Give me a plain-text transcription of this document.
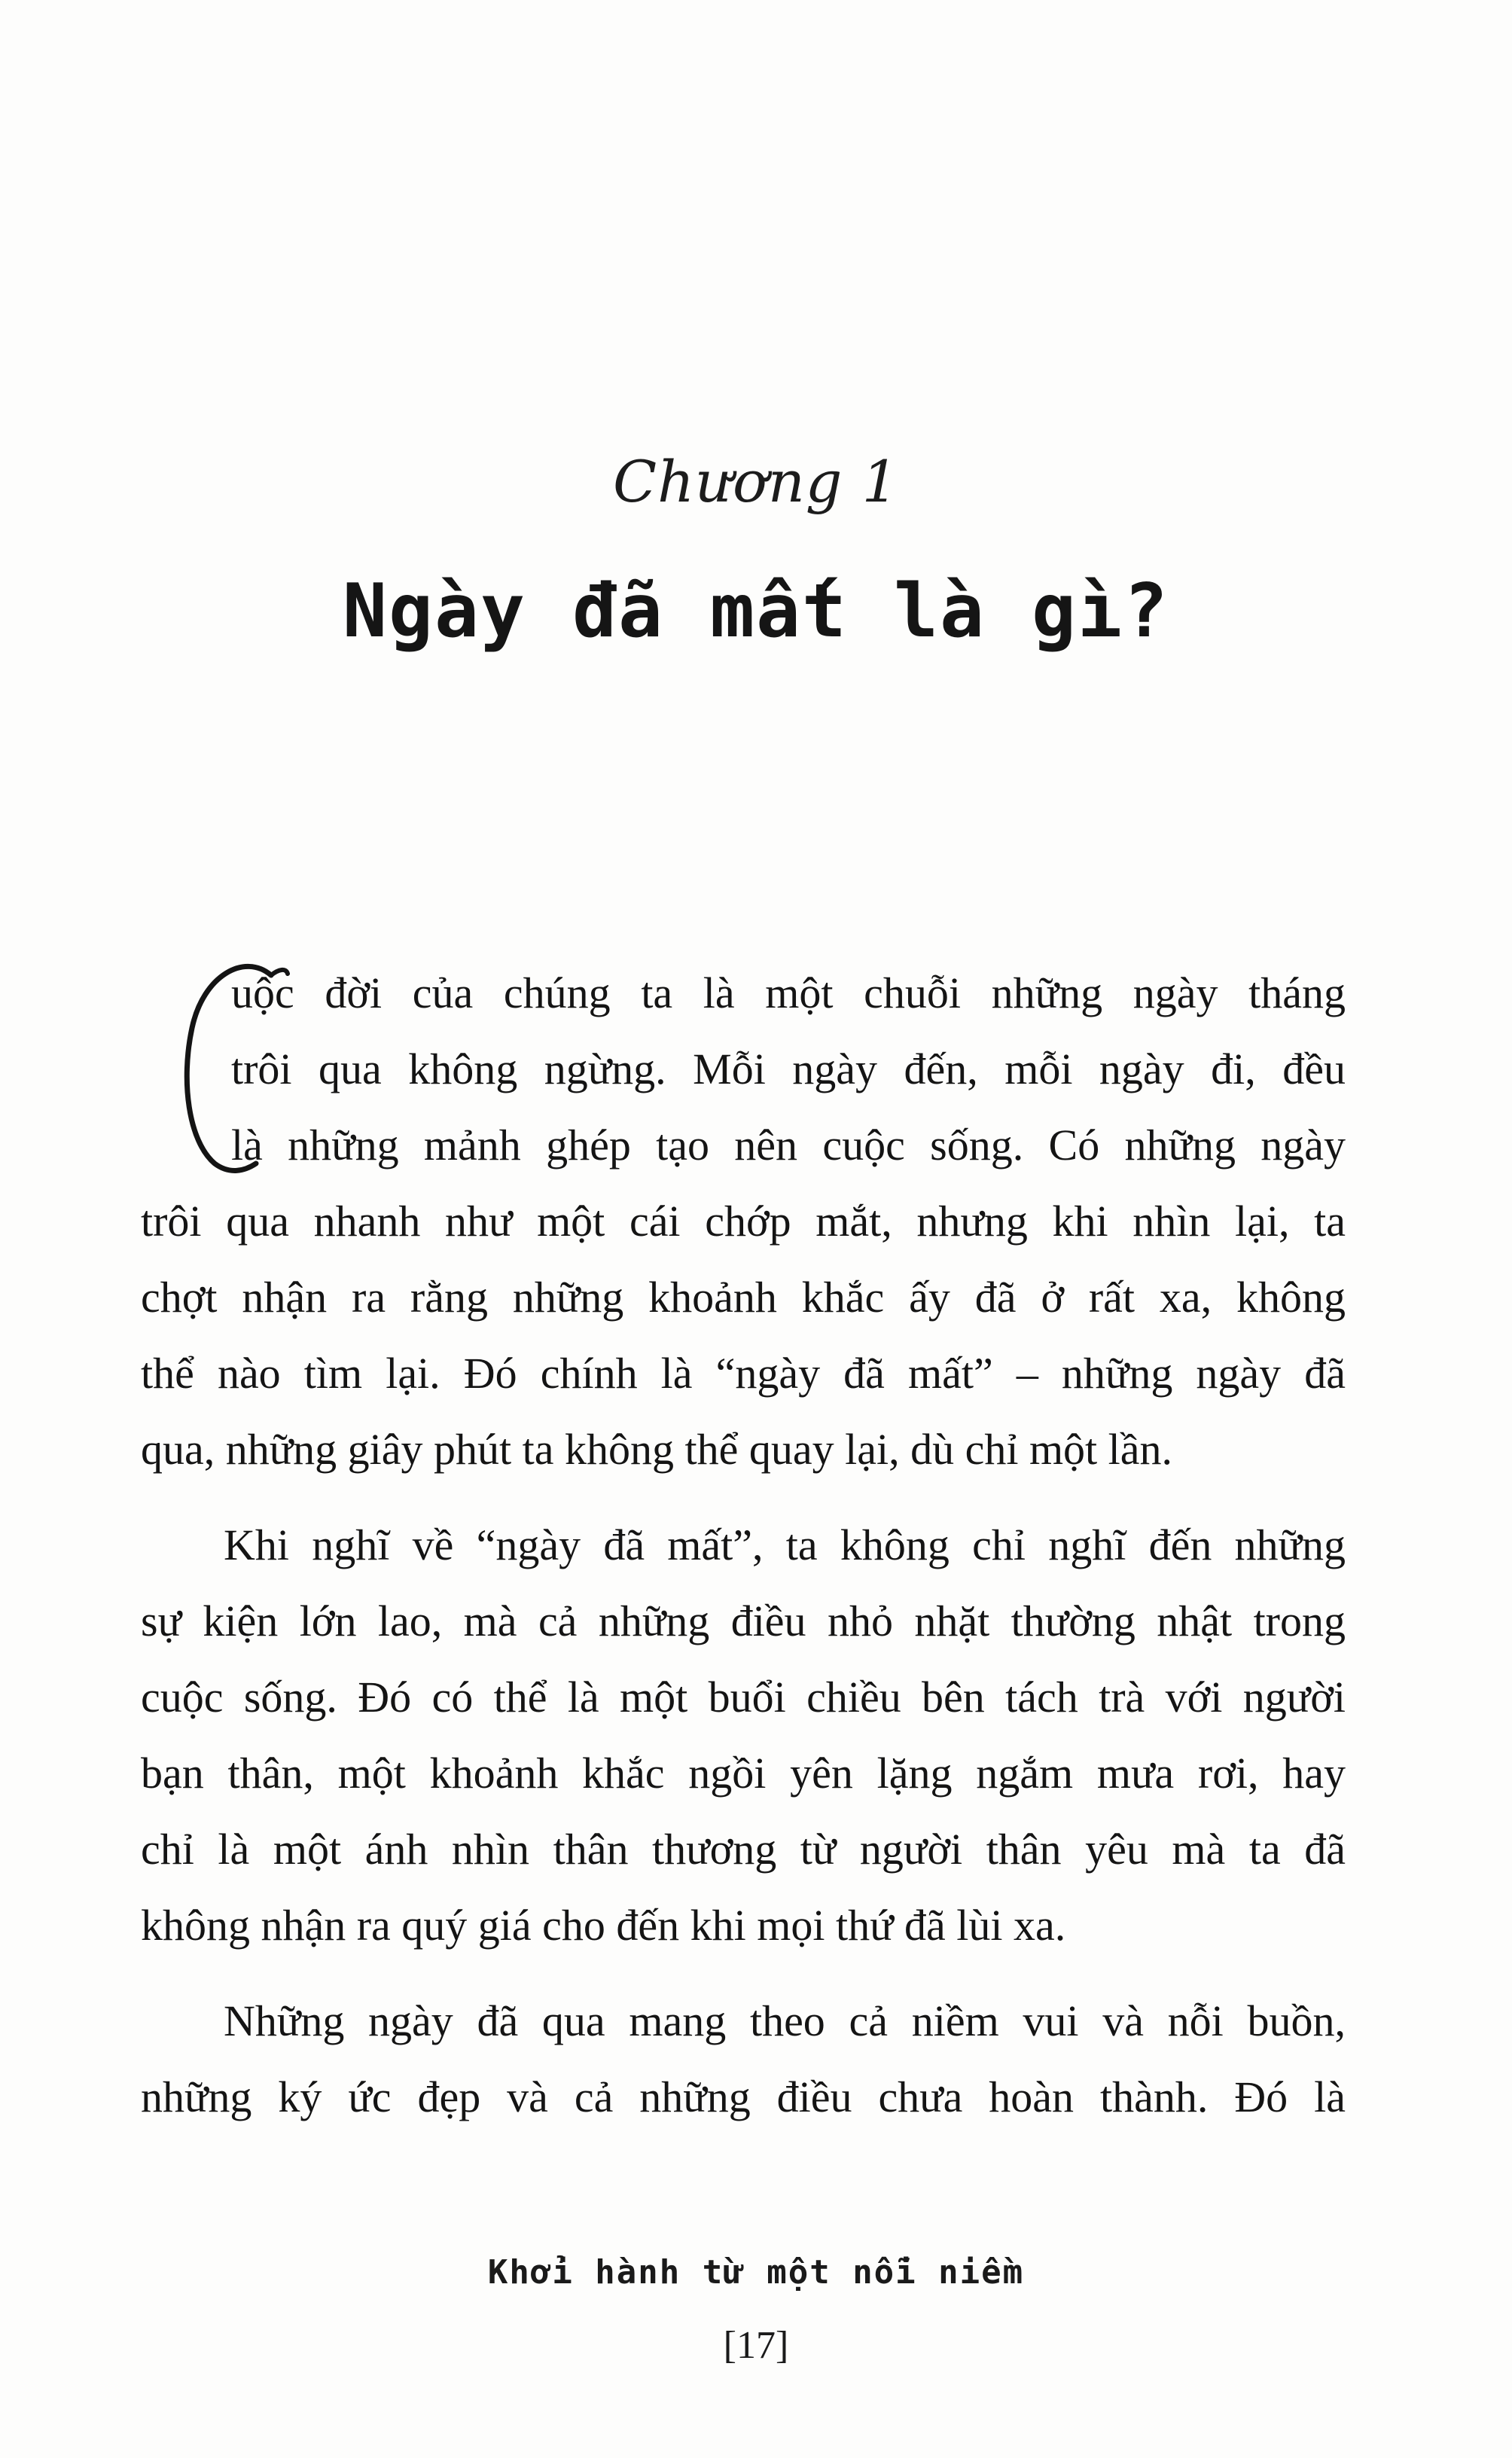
Chương 1
Ngày đã mất là gì?
uộc đời của chúng ta là một chuỗi những ngày tháng
trôi qua không ngừng. Mỗi ngày đến, mỗi ngày đi, đều
là những mảnh ghép tạo nên cuộc sống. Có những ngày
trôi qua nhanh như một cái chớp mắt, nhưng khi nhìn lại, ta
chợt nhận ra rằng những khoảnh khắc ấy đã ở rất xa, không
thể nào tìm lại. Đó chính là “ngày đã mất” – những ngày đã
qua, những giây phút ta không thể quay lại, dù chỉ một lần.
Khi nghĩ về “ngày đã mất”, ta không chỉ nghĩ đến những
sự kiện lớn lao, mà cả những điều nhỏ nhặt thường nhật trong
cuộc sống. Đó có thể là một buổi chiều bên tách trà với người
bạn thân, một khoảnh khắc ngồi yên lặng ngắm mưa rơi, hay
chỉ là một ánh nhìn thân thương từ người thân yêu mà ta đã
không nhận ra quý giá cho đến khi mọi thứ đã lùi xa.
Những ngày đã qua mang theo cả niềm vui và nỗi buồn,
những ký ức đẹp và cả những điều chưa hoàn thành. Đó là
Khởi hành từ một nỗi niềm
[17]
